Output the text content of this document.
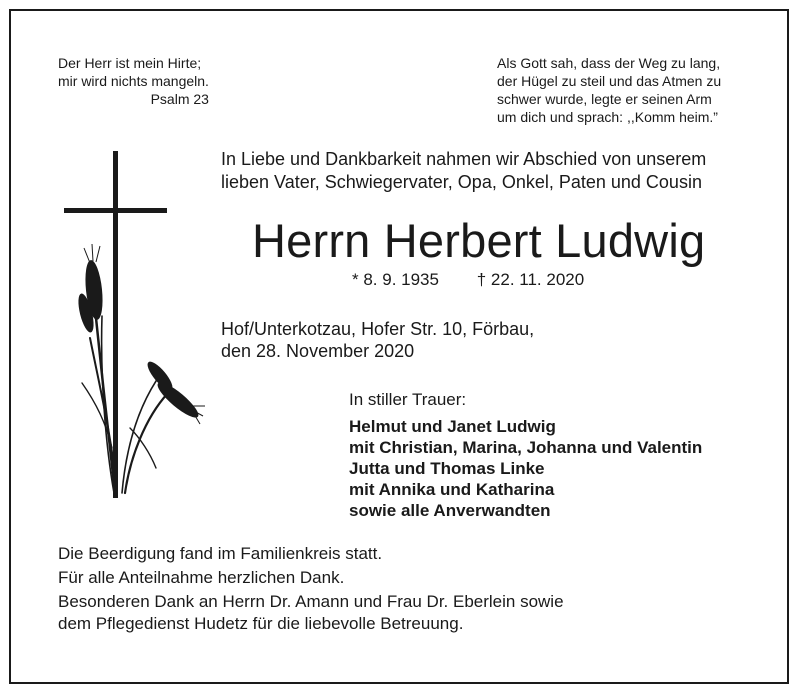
Der Herr ist mein Hirte;
mir wird nichts mangeln.
Psalm 23
Als Gott sah, dass der Weg zu lang,
der Hügel zu steil und das Atmen zu
schwer wurde, legte er seinen Arm
um dich und sprach: ,,Komm heim.”
In Liebe und Dankbarkeit nahmen wir Abschied von unserem
lieben Vater, Schwiegervater, Opa, Onkel, Paten und Cousin
Herrn Herbert Ludwig
* 8. 9. 1935        † 22. 11. 2020
Hof/Unterkotzau, Hofer Str. 10, Förbau,
den 28. November 2020
In stiller Trauer:
Helmut und Janet Ludwig
mit Christian, Marina, Johanna und Valentin
Jutta und Thomas Linke
mit Annika und Katharina
sowie alle Anverwandten
Die Beerdigung fand im Familienkreis statt.
Für alle Anteilnahme herzlichen Dank.
Besonderen Dank an Herrn Dr. Amann und Frau Dr. Eberlein sowie
dem Pflegedienst Hudetz für die liebevolle Betreuung.
